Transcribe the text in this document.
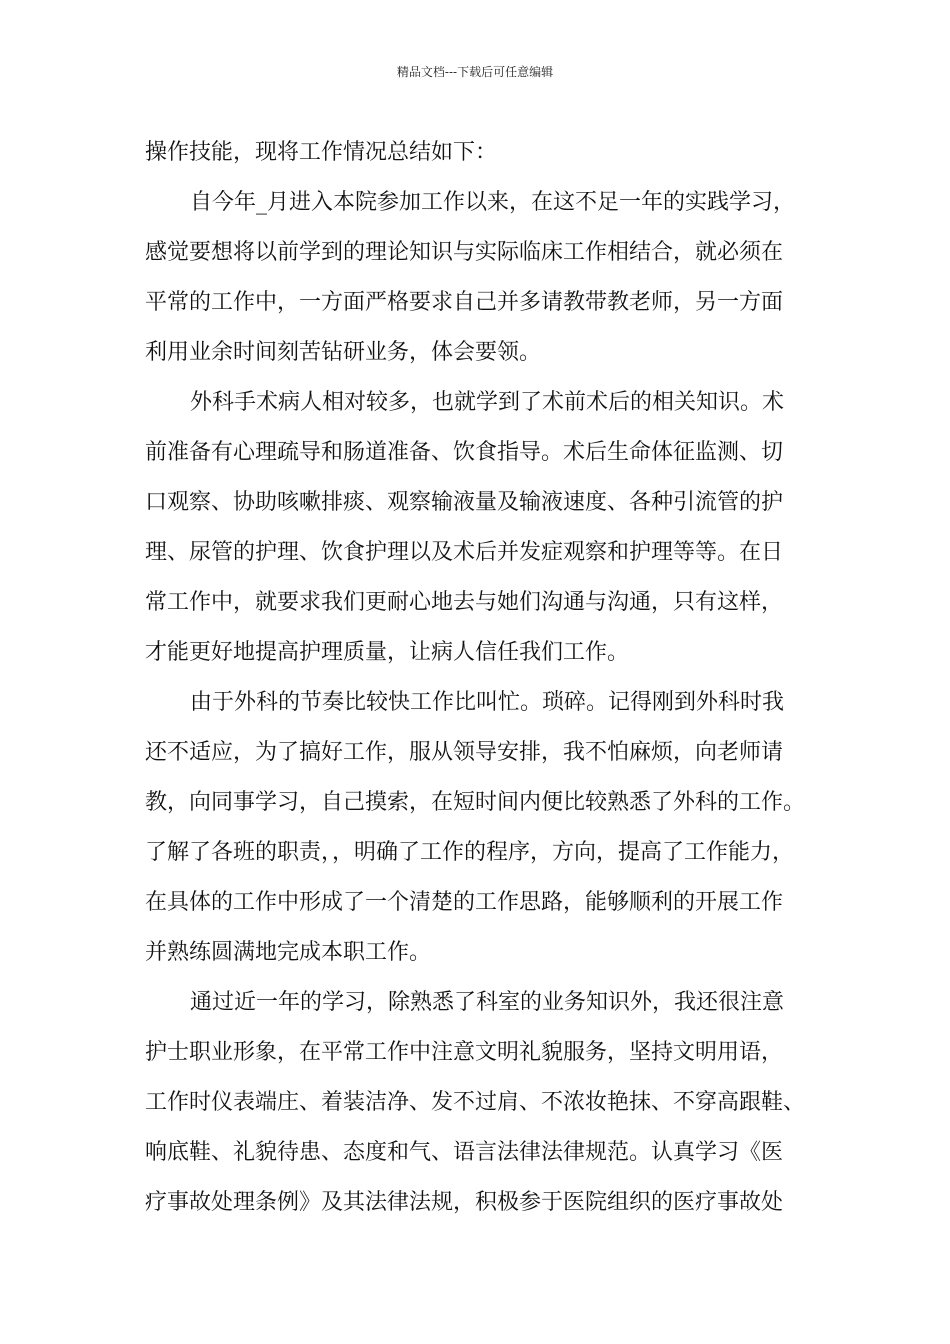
精品文档---下载后可任意编辑
操作技能，现将工作情况总结如下：
自今年_月进入本院参加工作以来，在这不足一年的实践学习，
感觉要想将以前学到的理论知识与实际临床工作相结合，就必须在
平常的工作中，一方面严格要求自己并多请教带教老师，另一方面
利用业余时间刻苦钻研业务，体会要领。
外科手术病人相对较多，也就学到了术前术后的相关知识。术
前准备有心理疏导和肠道准备、饮食指导。术后生命体征监测、切
口观察、协助咳嗽排痰、观察输液量及输液速度、各种引流管的护
理、尿管的护理、饮食护理以及术后并发症观察和护理等等。在日
常工作中，就要求我们更耐心地去与她们沟通与沟通，只有这样，
才能更好地提高护理质量，让病人信任我们工作。
由于外科的节奏比较快工作比叫忙。琐碎。记得刚到外科时我
还不适应，为了搞好工作，服从领导安排，我不怕麻烦，向老师请
教，向同事学习，自己摸索，在短时间内便比较熟悉了外科的工作。
了解了各班的职责，，明确了工作的程序，方向，提高了工作能力，
在具体的工作中形成了一个清楚的工作思路，能够顺利的开展工作
并熟练圆满地完成本职工作。
通过近一年的学习，除熟悉了科室的业务知识外，我还很注意
护士职业形象，在平常工作中注意文明礼貌服务，坚持文明用语，
工作时仪表端庄、着装洁净、发不过肩、不浓妆艳抹、不穿高跟鞋、
响底鞋、礼貌待患、态度和气、语言法律法律规范。认真学习《医
疗事故处理条例》及其法律法规，积极参于医院组织的医疗事故处
